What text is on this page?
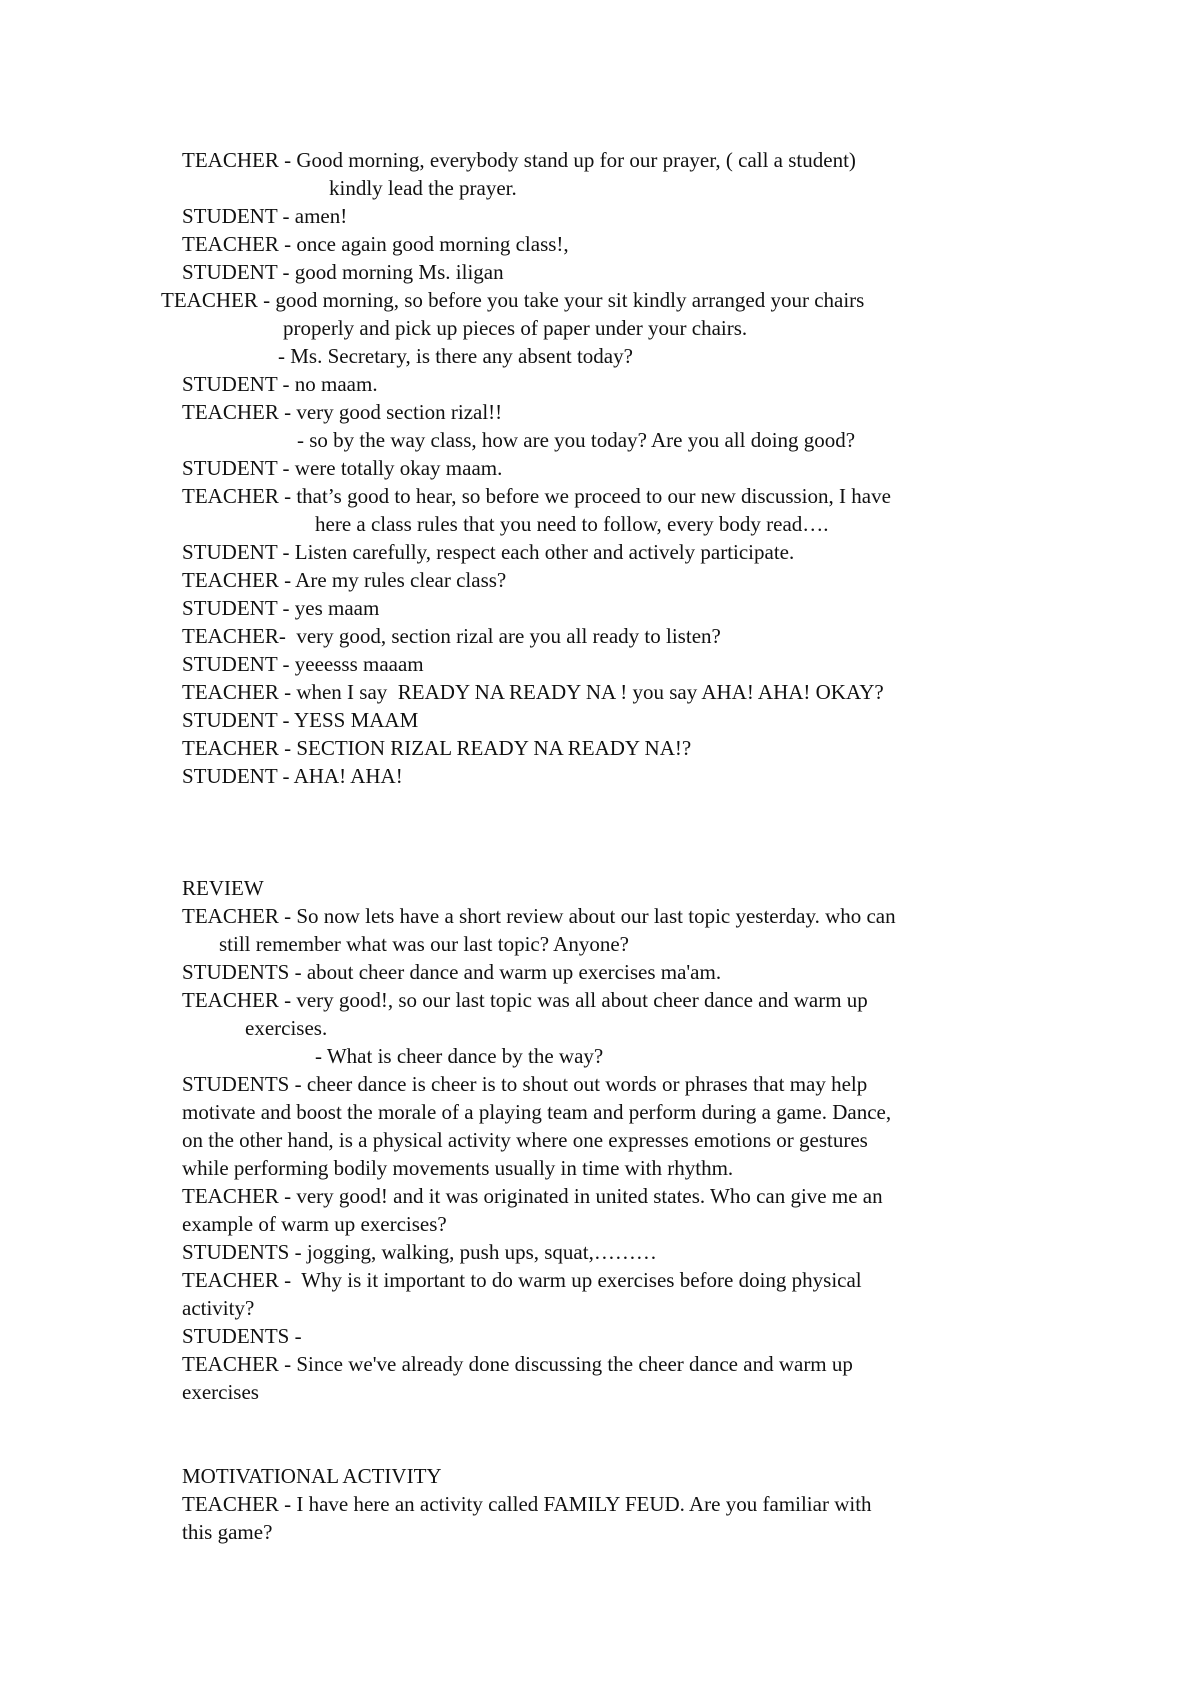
TEACHER - Good morning, everybody stand up for our prayer, ( call a student)
kindly lead the prayer.
STUDENT - amen!
TEACHER - once again good morning class!,
STUDENT - good morning Ms. iligan
TEACHER - good morning, so before you take your sit kindly arranged your chairs
properly and pick up pieces of paper under your chairs.
- Ms. Secretary, is there any absent today?
STUDENT - no maam.
TEACHER - very good section rizal!!
- so by the way class, how are you today? Are you all doing good?
STUDENT - were totally okay maam.
TEACHER - that’s good to hear, so before we proceed to our new discussion, I have
here a class rules that you need to follow, every body read….
STUDENT - Listen carefully, respect each other and actively participate.
TEACHER - Are my rules clear class?
STUDENT - yes maam
TEACHER-  very good, section rizal are you all ready to listen?
STUDENT - yeeesss maaam
TEACHER - when I say  READY NA READY NA ! you say AHA! AHA! OKAY?
STUDENT - YESS MAAM
TEACHER - SECTION RIZAL READY NA READY NA!?
STUDENT - AHA! AHA!
REVIEW
TEACHER - So now lets have a short review about our last topic yesterday. who can
still remember what was our last topic? Anyone?
STUDENTS - about cheer dance and warm up exercises ma'am.
TEACHER - very good!, so our last topic was all about cheer dance and warm up
exercises.
- What is cheer dance by the way?
STUDENTS - cheer dance is cheer is to shout out words or phrases that may help
motivate and boost the morale of a playing team and perform during a game. Dance,
on the other hand, is a physical activity where one expresses emotions or gestures
while performing bodily movements usually in time with rhythm.
TEACHER - very good! and it was originated in united states. Who can give me an
example of warm up exercises?
STUDENTS - jogging, walking, push ups, squat,………
TEACHER -  Why is it important to do warm up exercises before doing physical
activity?
STUDENTS -
TEACHER - Since we've already done discussing the cheer dance and warm up
exercises
MOTIVATIONAL ACTIVITY
TEACHER - I have here an activity called FAMILY FEUD. Are you familiar with
this game?
